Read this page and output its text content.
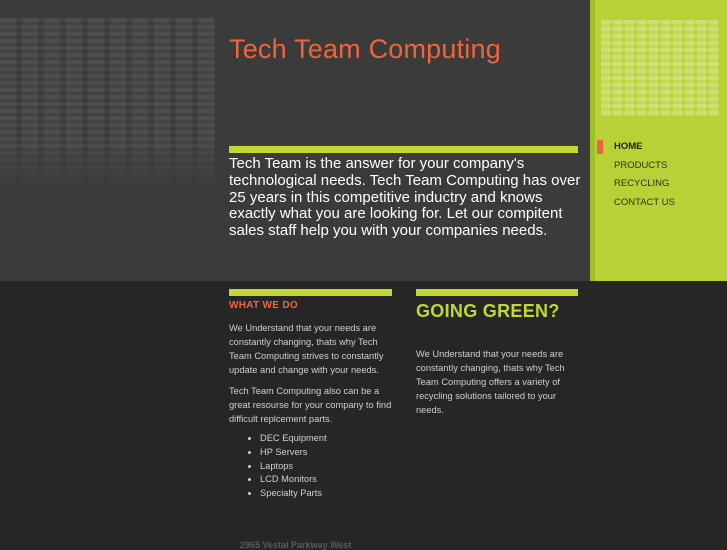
Tech Team Computing

Tech Team is the answer for your company's technological needs. Tech Team Computing has over 25 years in this competitive inductry and knows exactly what you are looking for. Let our compitent sales staff help you with your companies needs.

HOME
PRODUCTS
RECYCLING
CONTACT US
WHAT WE DO

We Understand that your needs are constantly changing, thats why Tech Team Computing strives to constantly update and change with your needs.

Tech Team Computing also can be a great resourse for your company to find difficult replcement parts.

• DEC Equipment
• HP Servers
• Laptops
• LCD Monitors
• Specialty Parts
GOING GREEN?

We Understand that your needs are constantly changing, thats why Tech Team Computing offers a variety of recycling solutions tailored to your needs.

2965 Vestal Parkway West
